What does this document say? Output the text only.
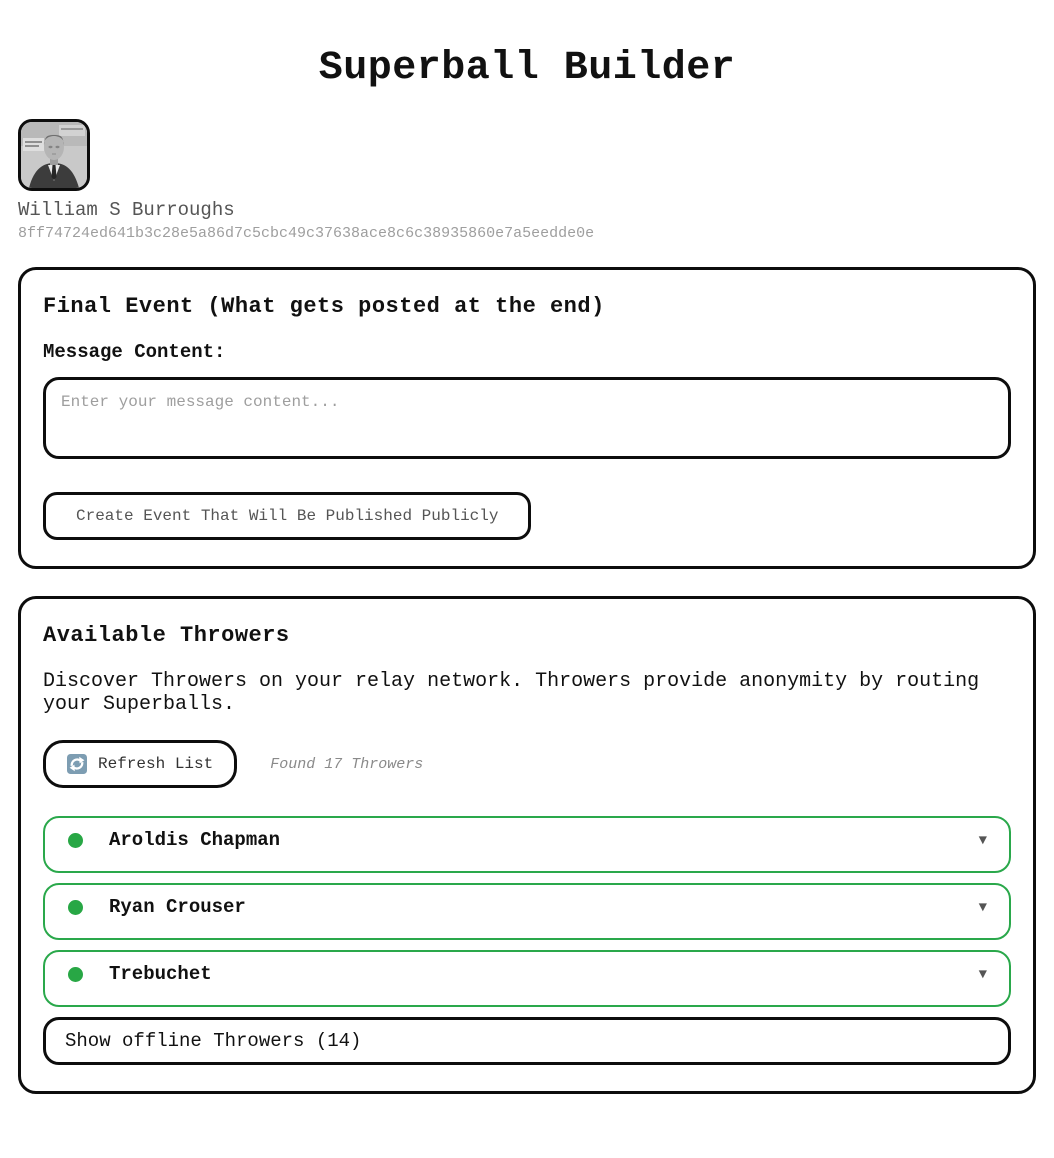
Superball Builder
William S Burroughs
8ff74724ed641b3c28e5a86d7c5cbc49c37638ace8c6c38935860e7a5eedde0e
Final Event (What gets posted at the end)
Message Content:
Enter your message content... Create Event That Will Be Published Publicly
Available Throwers

Discover Throwers on your relay network. Throwers provide anonymity by routing your Superballs.

Refresh List	Found 17 Throwers
Aroldis Chapman	▼
Ryan Crouser	▼
Trebuchet	▼
Show offline Throwers (14)
